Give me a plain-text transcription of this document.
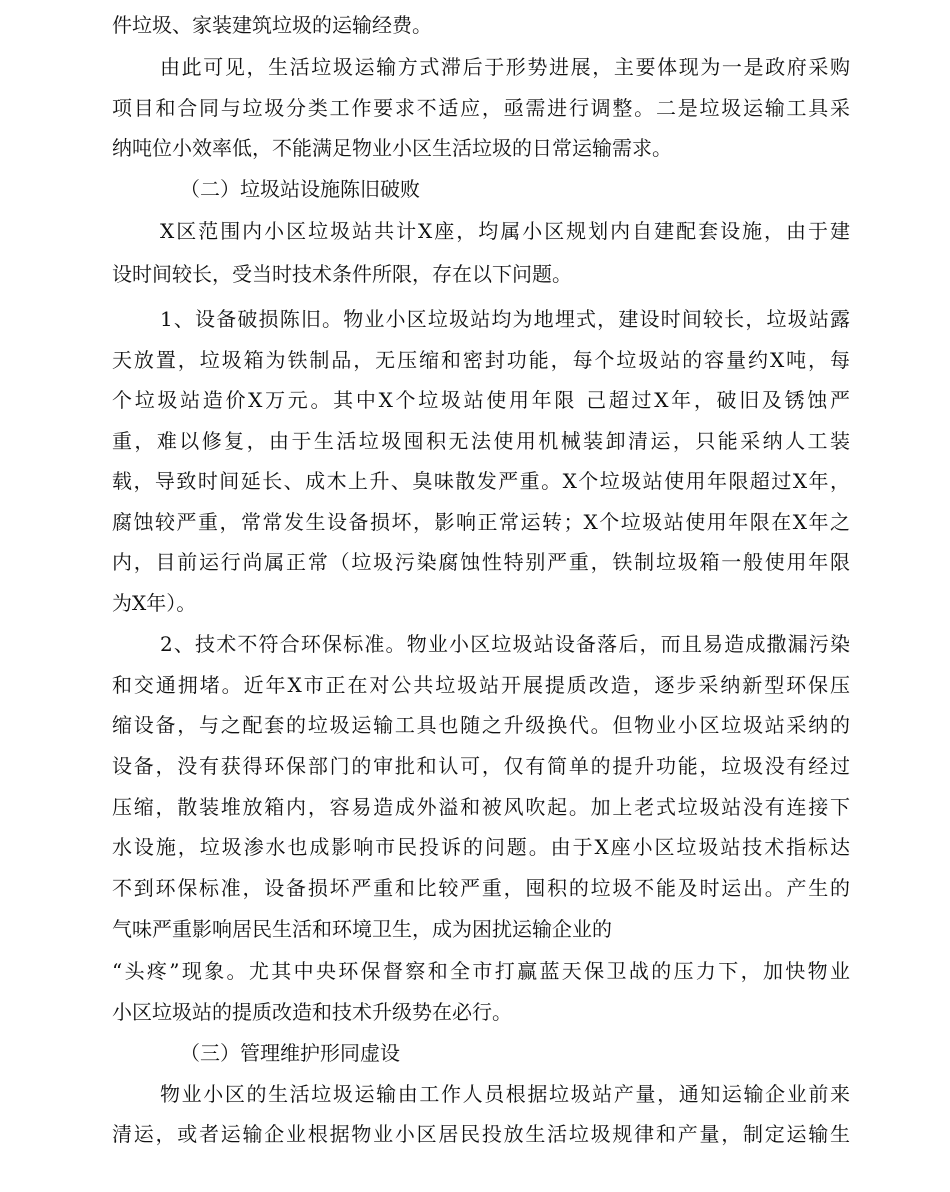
件垃圾、家装建筑垃圾的运输经费。
由此可见，生活垃圾运输方式滞后于形势进展，主要体现为一是政府采购
项目和合同与垃圾分类工作要求不适应，亟需进行调整。二是垃圾运输工具采
纳吨位小效率低，不能满足物业小区生活垃圾的日常运输需求。
（二）垃圾站设施陈旧破败
X区范围内小区垃圾站共计X座，均属小区规划内自建配套设施，由于建
设时间较长，受当时技术条件所限，存在以下问题。
1、设备破损陈旧。物业小区垃圾站均为地埋式，建设时间较长，垃圾站露
天放置，垃圾箱为铁制品，无压缩和密封功能，每个垃圾站的容量约X吨，每
个垃圾站造价X万元。其中X个垃圾站使用年限 己超过X年，破旧及锈蚀严
重，难以修复，由于生活垃圾囤积无法使用机械装卸清运，只能采纳人工装
载，导致时间延长、成木上升、臭味散发严重。X个垃圾站使用年限超过X年，
腐蚀较严重，常常发生设备损坏，影响正常运转；X个垃圾站使用年限在X年之
内，目前运行尚属正常（垃圾污染腐蚀性特别严重，铁制垃圾箱一般使用年限
为X年）。
2、技术不符合环保标准。物业小区垃圾站设备落后，而且易造成撒漏污染
和交通拥堵。近年X市正在对公共垃圾站开展提质改造，逐步采纳新型环保压
缩设备，与之配套的垃圾运输工具也随之升级换代。但物业小区垃圾站采纳的
设备，没有获得环保部门的审批和认可，仅有简单的提升功能，垃圾没有经过
压缩，散装堆放箱内，容易造成外溢和被风吹起。加上老式垃圾站没有连接下
水设施，垃圾渗水也成影响市民投诉的问题。由于X座小区垃圾站技术指标达
不到环保标准，设备损坏严重和比较严重，囤积的垃圾不能及时运出。产生的
气味严重影响居民生活和环境卫生，成为困扰运输企业的
“头疼”现象。尤其中央环保督察和全市打赢蓝天保卫战的压力下，加快物业
小区垃圾站的提质改造和技术升级势在必行。
（三）管理维护形同虚设
物业小区的生活垃圾运输由工作人员根据垃圾站产量，通知运输企业前来
清运，或者运输企业根据物业小区居民投放生活垃圾规律和产量，制定运输生
